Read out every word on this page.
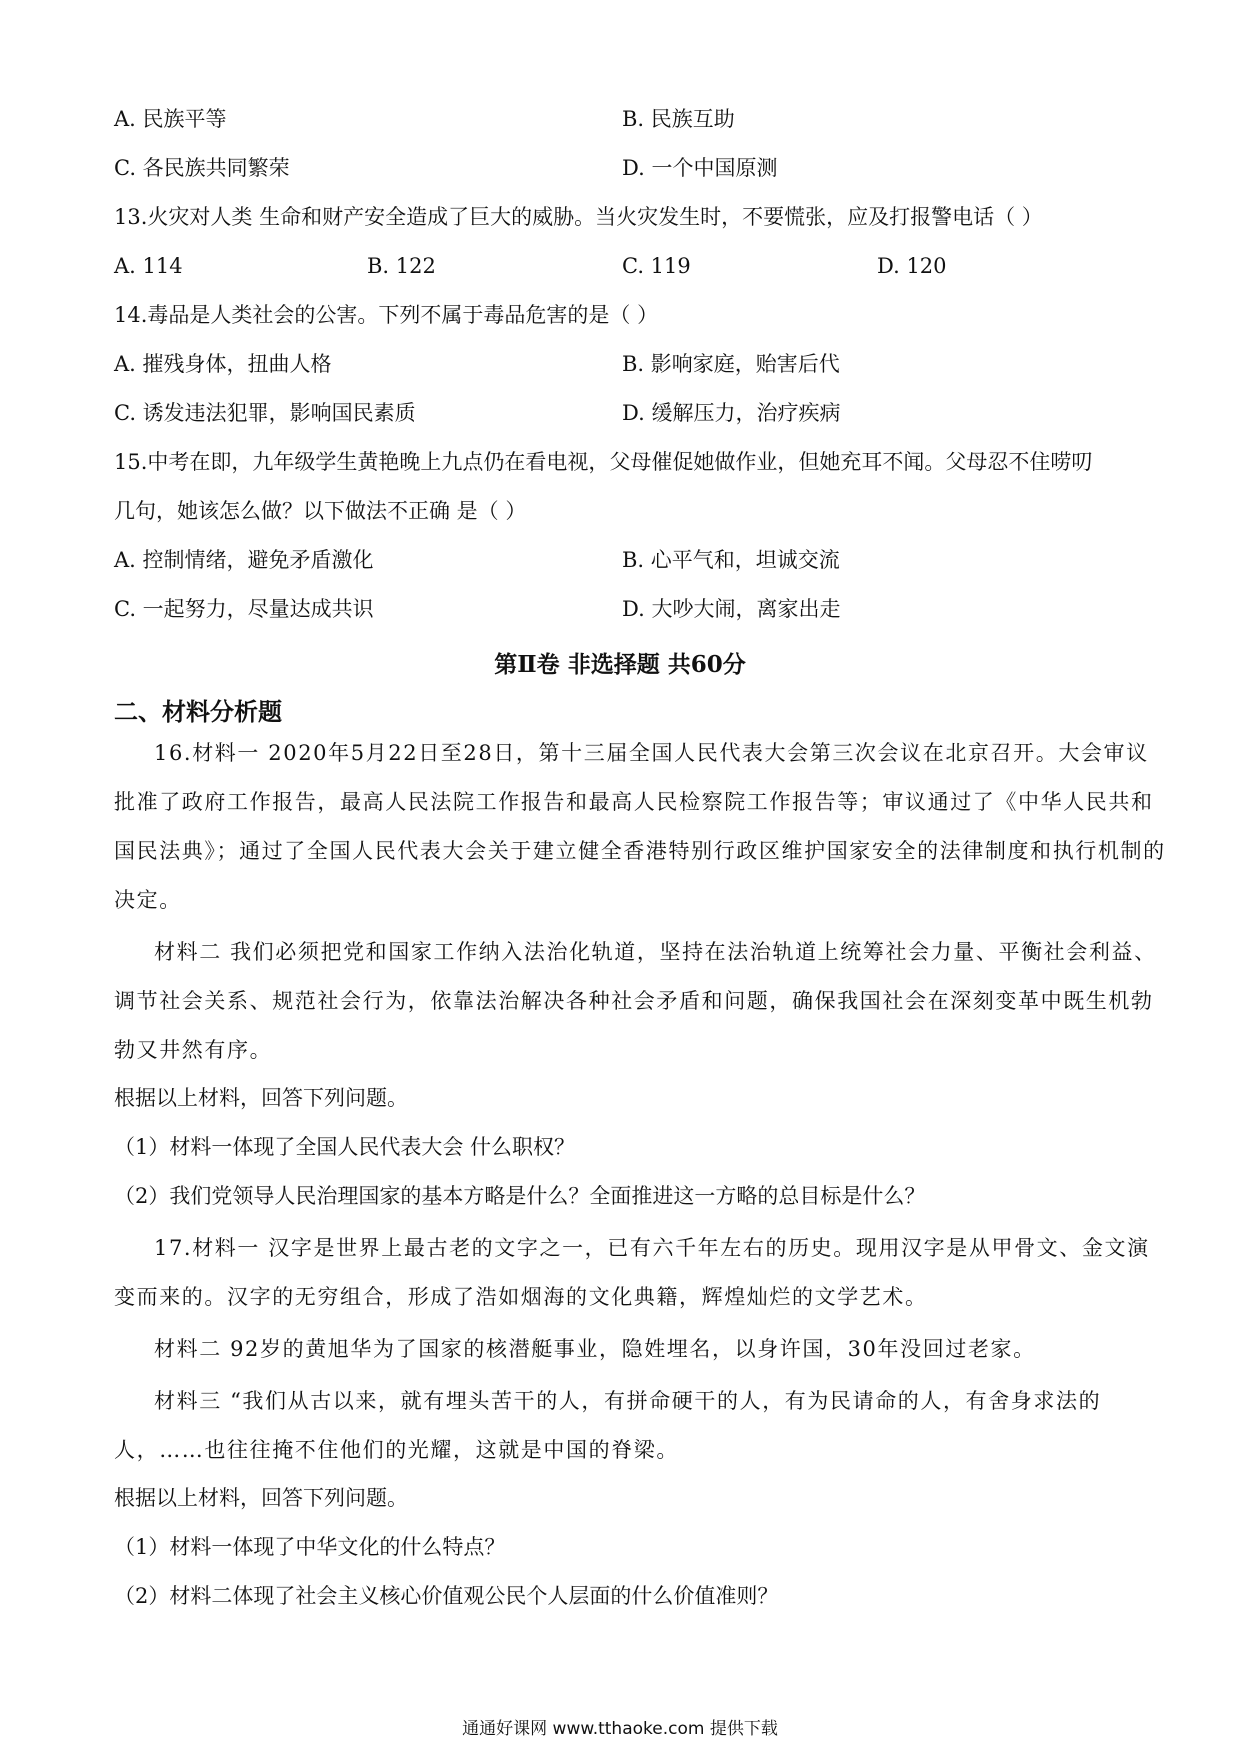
A. 民族平等	B. 民族互助
C. 各民族共同繁荣	D. 一个中国原测
13.火灾对人类 生命和财产安全造成了巨大的威胁。当火灾发生时，不要慌张，应及打报警电话（ ）
A. 114	B. 122	C. 119	D. 120
14.毒品是人类社会的公害。下列不属于毒品危害的是（ ）
A. 摧残身体，扭曲人格	B. 影响家庭，贻害后代
C. 诱发违法犯罪，影响国民素质	D. 缓解压力，治疗疾病
15.中考在即，九年级学生黄艳晚上九点仍在看电视，父母催促她做作业，但她充耳不闻。父母忍不住唠叨
几句，她该怎么做？以下做法不正确 是（ ）
A. 控制情绪，避免矛盾激化	B. 心平气和，坦诚交流
C. 一起努力，尽量达成共识	D. 大吵大闹，离家出走
第Ⅱ卷 非选择题 共60分
二、材料分析题
16.材料一 2020年5月22日至28日，第十三届全国人民代表大会第三次会议在北京召开。大会审议
批准了政府工作报告，最高人民法院工作报告和最高人民检察院工作报告等；审议通过了《中华人民共和
国民法典》；通过了全国人民代表大会关于建立健全香港特别行政区维护国家安全的法律制度和执行机制的
决定。
材料二 我们必须把党和国家工作纳入法治化轨道，坚持在法治轨道上统筹社会力量、平衡社会利益、
调节社会关系、规范社会行为，依靠法治解决各种社会矛盾和问题，确保我国社会在深刻变革中既生机勃
勃又井然有序。
根据以上材料，回答下列问题。
（1）材料一体现了全国人民代表大会 什么职权？
（2）我们党领导人民治理国家的基本方略是什么？全面推进这一方略的总目标是什么？
17.材料一 汉字是世界上最古老的文字之一，已有六千年左右的历史。现用汉字是从甲骨文、金文演
变而来的。汉字的无穷组合，形成了浩如烟海的文化典籍，辉煌灿烂的文学艺术。
材料二 92岁的黄旭华为了国家的核潜艇事业，隐姓埋名，以身许国，30年没回过老家。
材料三 “我们从古以来，就有埋头苦干的人，有拼命硬干的人，有为民请命的人，有舍身求法的
人，……也往往掩不住他们的光耀，这就是中国的脊梁。
根据以上材料，回答下列问题。
（1）材料一体现了中华文化的什么特点？
（2）材料二体现了社会主义核心价值观公民个人层面的什么价值准则？
通通好课网 www.tthaoke.com 提供下载
